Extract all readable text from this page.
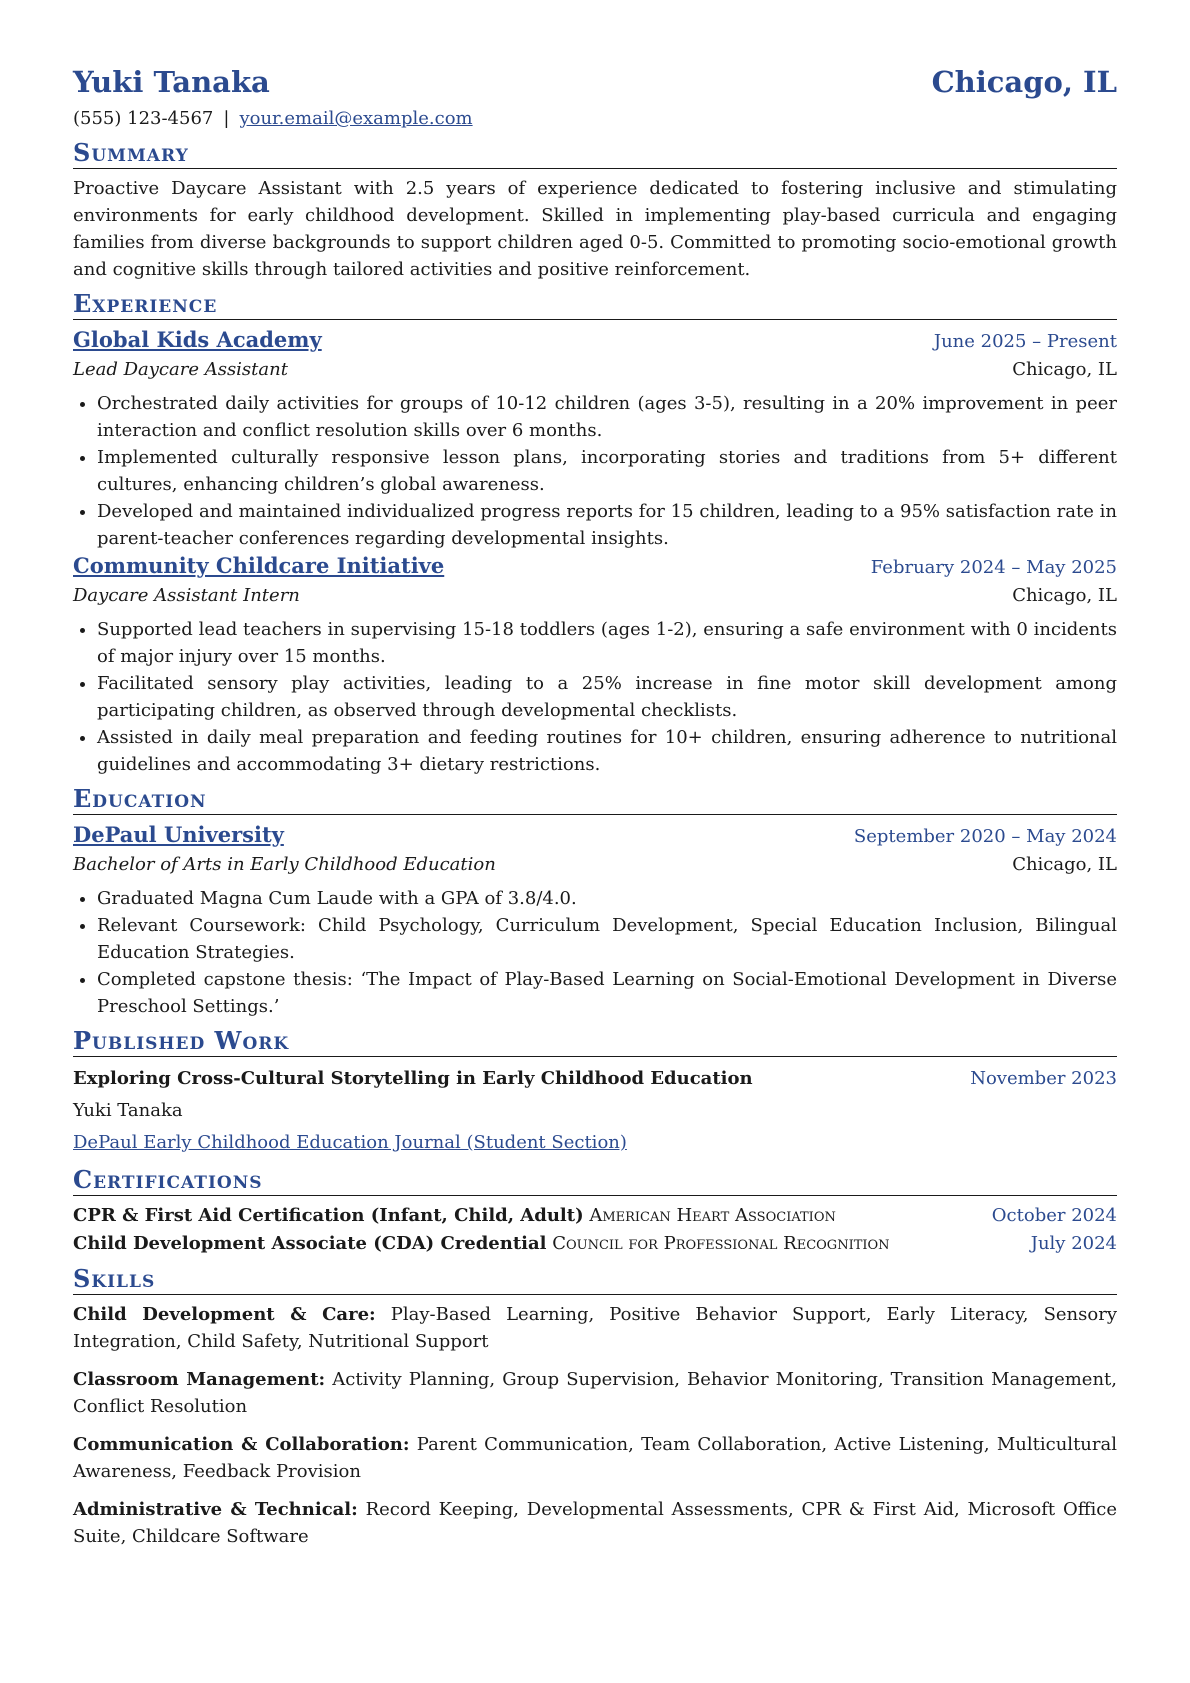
Yuki Tanaka	Chicago, IL
(555) 123-4567 | your.email@example.com
Summary
Proactive Daycare Assistant with 2.5 years of experience dedicated to fostering inclusive and stimulating environments for early childhood development. Skilled in implementing play-based curricula and engaging families from diverse backgrounds to support children aged 0-5. Committed to promoting socio-emotional growth and cognitive skills through tailored activities and positive reinforcement.
Experience
Global Kids Academy	June 2025 – Present
Lead Daycare Assistant	Chicago, IL
• Orchestrated daily activities for groups of 10-12 children (ages 3-5), resulting in a 20% improvement in peer interaction and conflict resolution skills over 6 months.
• Implemented culturally responsive lesson plans, incorporating stories and traditions from 5+ different cultures, enhancing children’s global awareness.
• Developed and maintained individualized progress reports for 15 children, leading to a 95% satisfaction rate in parent-teacher conferences regarding developmental insights.
Community Childcare Initiative	February 2024 – May 2025
Daycare Assistant Intern	Chicago, IL
• Supported lead teachers in supervising 15-18 toddlers (ages 1-2), ensuring a safe environment with 0 incidents of major injury over 15 months.
• Facilitated sensory play activities, leading to a 25% increase in fine motor skill development among participating children, as observed through developmental checklists.
• Assisted in daily meal preparation and feeding routines for 10+ children, ensuring adherence to nutritional guidelines and accommodating 3+ dietary restrictions.
Education
DePaul University	September 2020 – May 2024
Bachelor of Arts in Early Childhood Education	Chicago, IL
• Graduated Magna Cum Laude with a GPA of 3.8/4.0.
• Relevant Coursework: Child Psychology, Curriculum Development, Special Education Inclusion, Bilingual Education Strategies.
• Completed capstone thesis: ‘The Impact of Play-Based Learning on Social-Emotional Development in Diverse Preschool Settings.’
Published Work
Exploring Cross-Cultural Storytelling in Early Childhood Education	November 2023
Yuki Tanaka
DePaul Early Childhood Education Journal (Student Section)
Certifications
CPR & First Aid Certification (Infant, Child, Adult) American Heart Association	October 2024
Child Development Associate (CDA) Credential Council for Professional Recognition	July 2024
Skills
Child Development & Care: Play-Based Learning, Positive Behavior Support, Early Literacy, Sensory Integration, Child Safety, Nutritional Support
Classroom Management: Activity Planning, Group Supervision, Behavior Monitoring, Transition Management, Conflict Resolution
Communication & Collaboration: Parent Communication, Team Collaboration, Active Listening, Multicultural Awareness, Feedback Provision
Administrative & Technical: Record Keeping, Developmental Assessments, CPR & First Aid, Microsoft Office Suite, Childcare Software
